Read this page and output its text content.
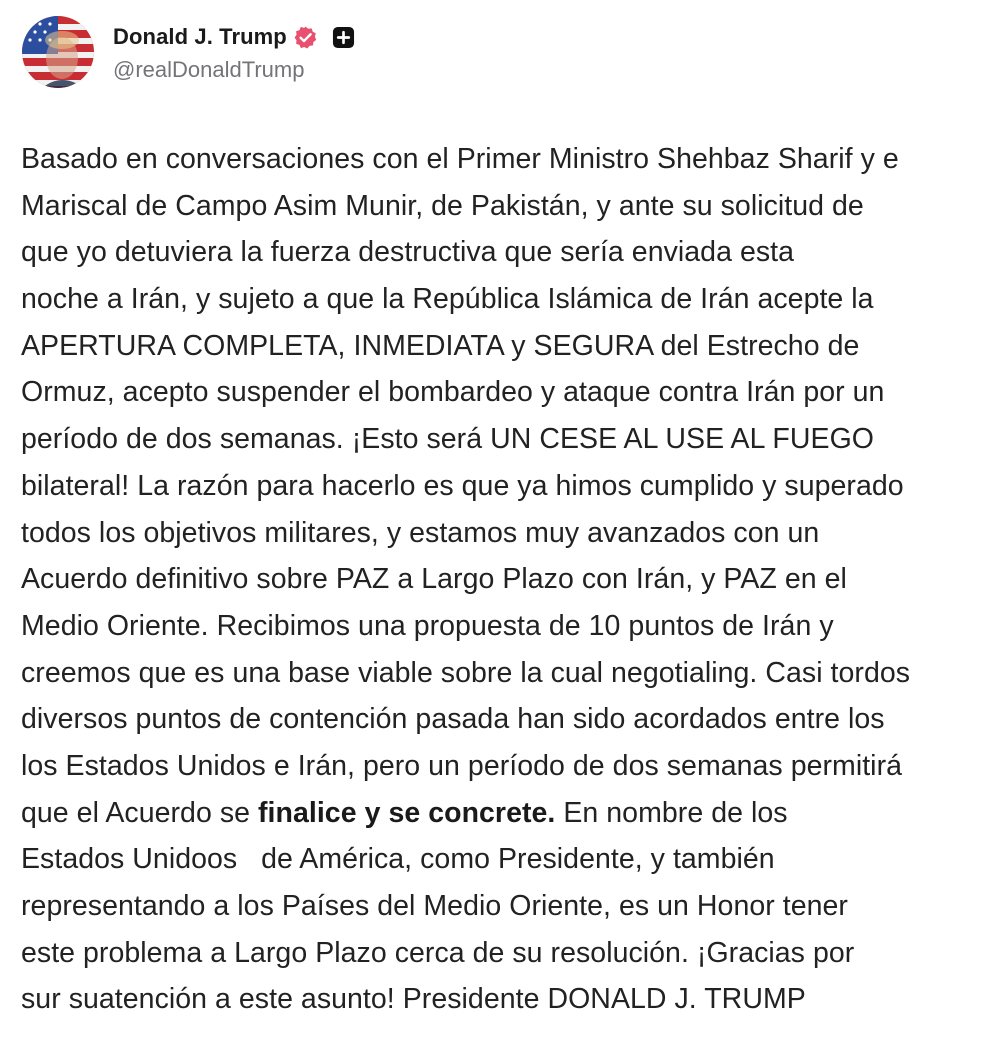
Donald J. Trump
@realDonaldTrump
Basado en conversaciones con el Primer Ministro Shehbaz Sharif y e
Mariscal de Campo Asim Munir, de Pakistán, y ante su solicitud de
que yo detuviera la fuerza destructiva que sería enviada esta
noche a Irán, y sujeto a que la República Islámica de Irán acepte la
APERTURA COMPLETA, INMEDIATA y SEGURA del Estrecho de
Ormuz, acepto suspender el bombardeo y ataque contra Irán por un
período de dos semanas. ¡Esto será UN CESE AL USE AL FUEGO
bilateral! La razón para hacerlo es que ya himos cumplido y superado
todos los objetivos militares, y estamos muy avanzados con un
Acuerdo definitivo sobre PAZ a Largo Plazo con Irán, y PAZ en el
Medio Oriente. Recibimos una propuesta de 10 puntos de Irán y
creemos que es una base viable sobre la cual negotialing. Casi tordos
diversos puntos de contención pasada han sido acordados entre los
los Estados Unidos e Irán, pero un período de dos semanas permitirá
que el Acuerdo se finalice y se concrete. En nombre de los
Estados Unidoos   de América, como Presidente, y también
representando a los Países del Medio Oriente, es un Honor tener
este problema a Largo Plazo cerca de su resolución. ¡Gracias por
sur suatención a este asunto! Presidente DONALD J. TRUMP
